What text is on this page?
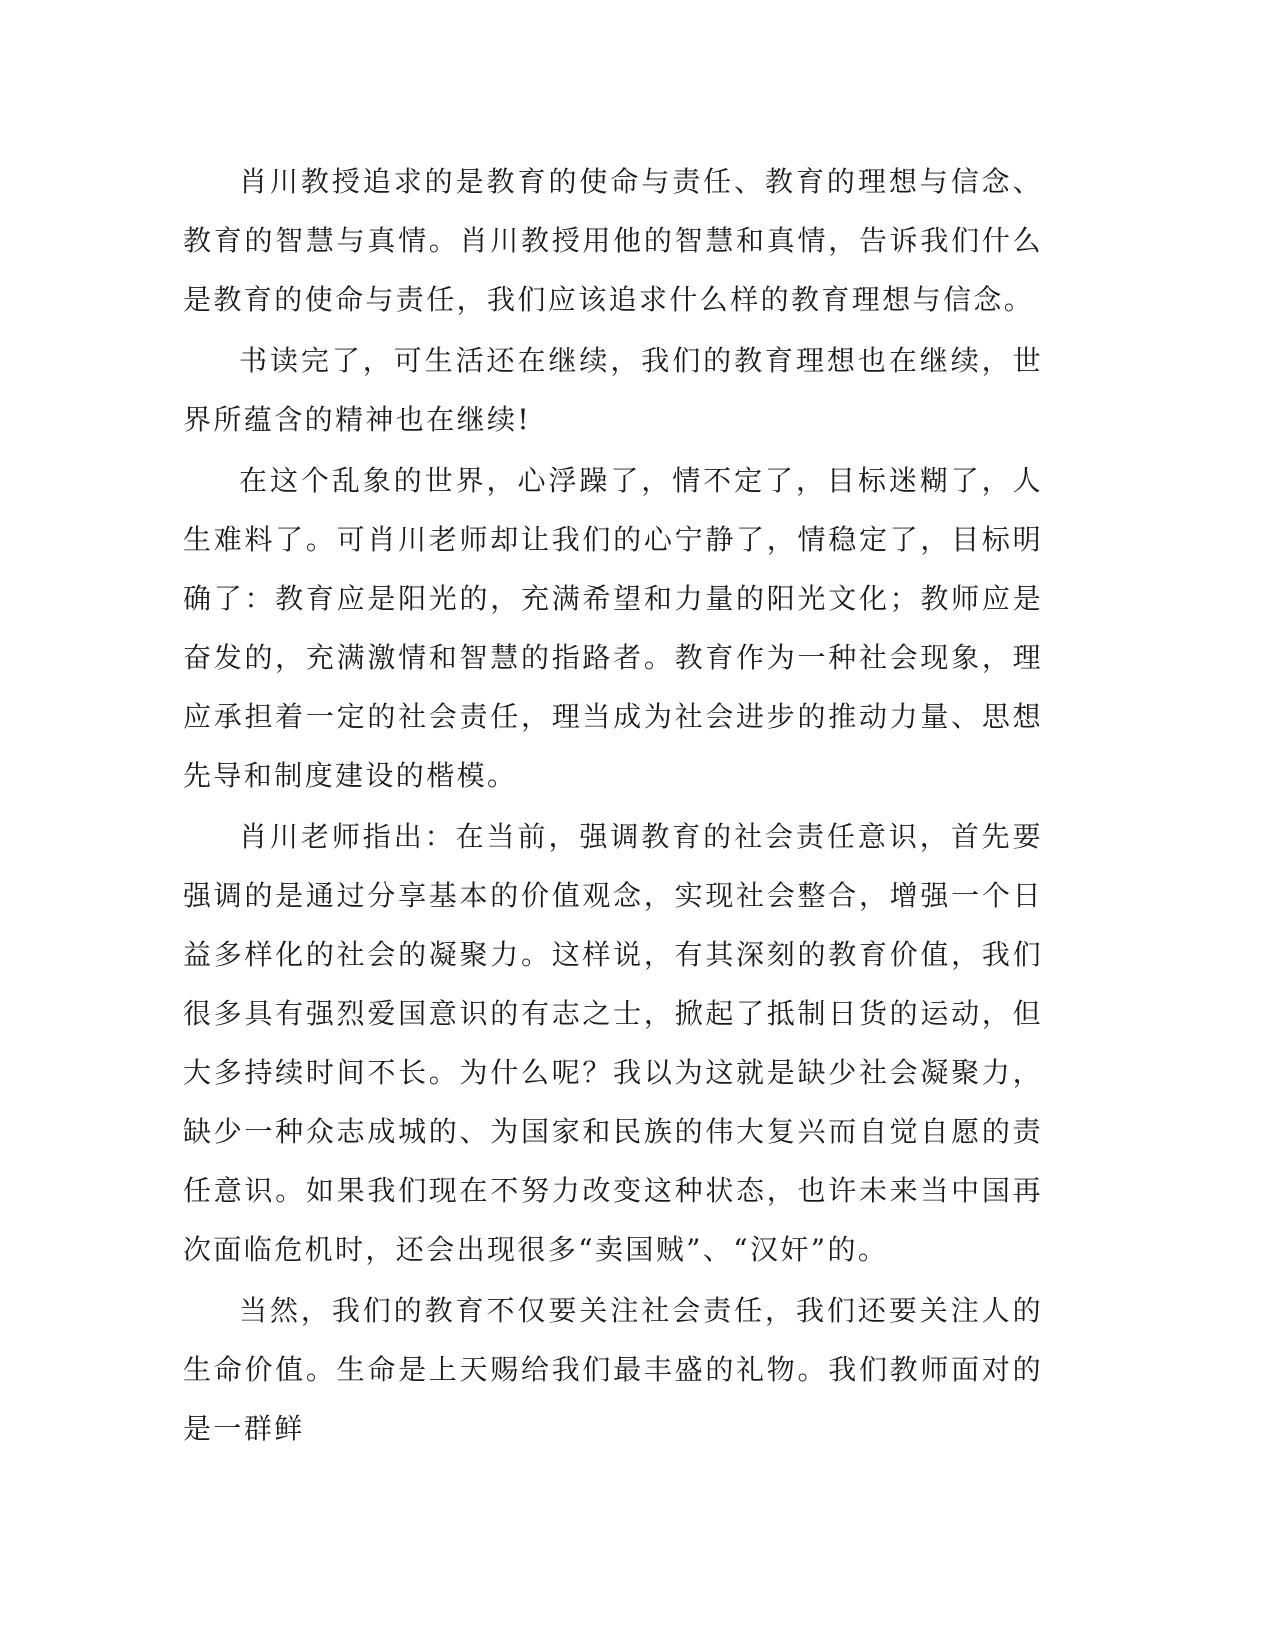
肖川教授追求的是教育的使命与责任、教育的理想与信念、教育的智慧与真情。肖川教授用他的智慧和真情，告诉我们什么是教育的使命与责任，我们应该追求什么样的教育理想与信念。

书读完了，可生活还在继续，我们的教育理想也在继续，世界所蕴含的精神也在继续!

在这个乱象的世界，心浮躁了，情不定了，目标迷糊了，人生难料了。可肖川老师却让我们的心宁静了，情稳定了，目标明确了：教育应是阳光的，充满希望和力量的阳光文化；教师应是奋发的，充满激情和智慧的指路者。教育作为一种社会现象，理应承担着一定的社会责任，理当成为社会进步的推动力量、思想先导和制度建设的楷模。

肖川老师指出：在当前，强调教育的社会责任意识，首先要强调的是通过分享基本的价值观念，实现社会整合，增强一个日益多样化的社会的凝聚力。这样说，有其深刻的教育价值，我们很多具有强烈爱国意识的有志之士，掀起了抵制日货的运动，但大多持续时间不长。为什么呢？我以为这就是缺少社会凝聚力，缺少一种众志成城的、为国家和民族的伟大复兴而自觉自愿的责任意识。如果我们现在不努力改变这种状态，也许未来当中国再次面临危机时，还会出现很多“卖国贼”、“汉奸”的。

当然，我们的教育不仅要关注社会责任，我们还要关注人的生命价值。生命是上天赐给我们最丰盛的礼物。我们教师面对的是一群鲜
